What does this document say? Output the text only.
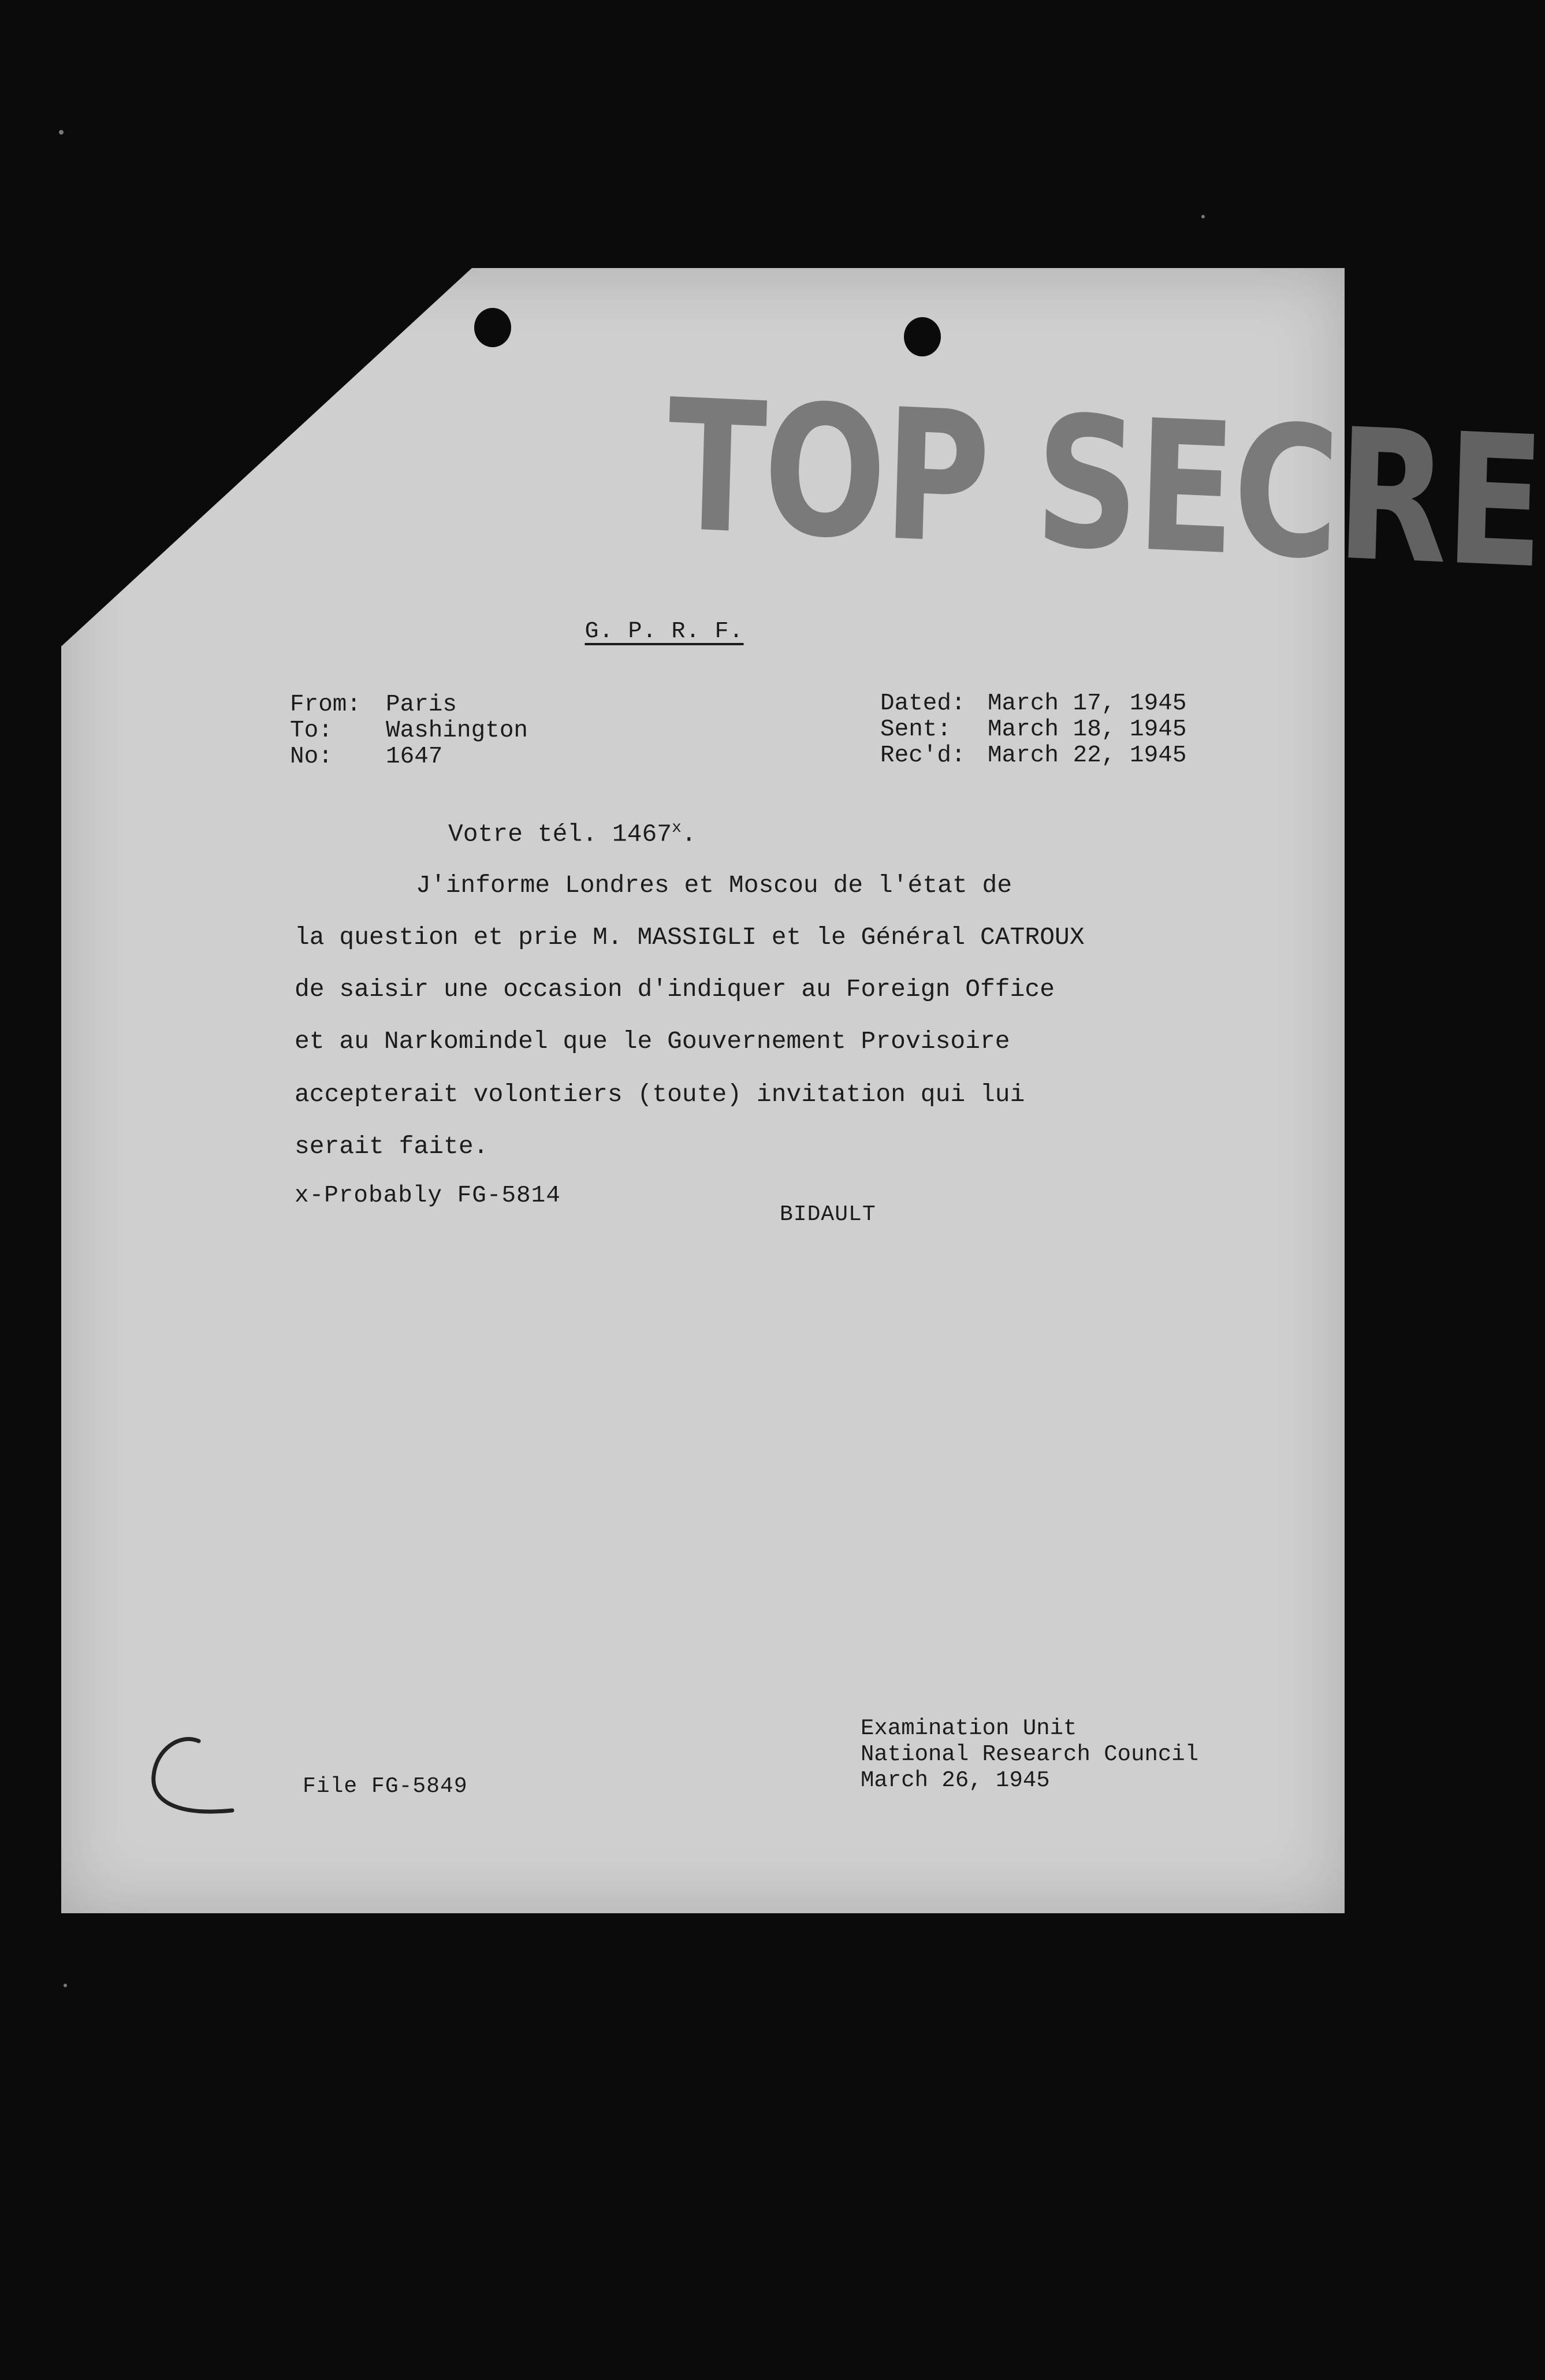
TOP SECRE
G. P. R. F.
From:	Paris
To:	Washington
No:	1647
Dated: March 17, 1945
Sent:	March 18, 1945
Rec'd: March 22, 1945
Votre tél. 1467$^x$.
J'informe Londres et Moscou de l'état de
la question et prie M. MASSIGLI et le Général CATROUX
de saisir une occasion d'indiquer au Foreign Office
et au Narkomindel que le Gouvernement Provisoire
accepterait volontiers (toute) invitation qui lui
serait faite.
x-Probably FG-5814
BIDAULT
Examination Unit
National Research Council
March 26, 1945
File FG-5849
